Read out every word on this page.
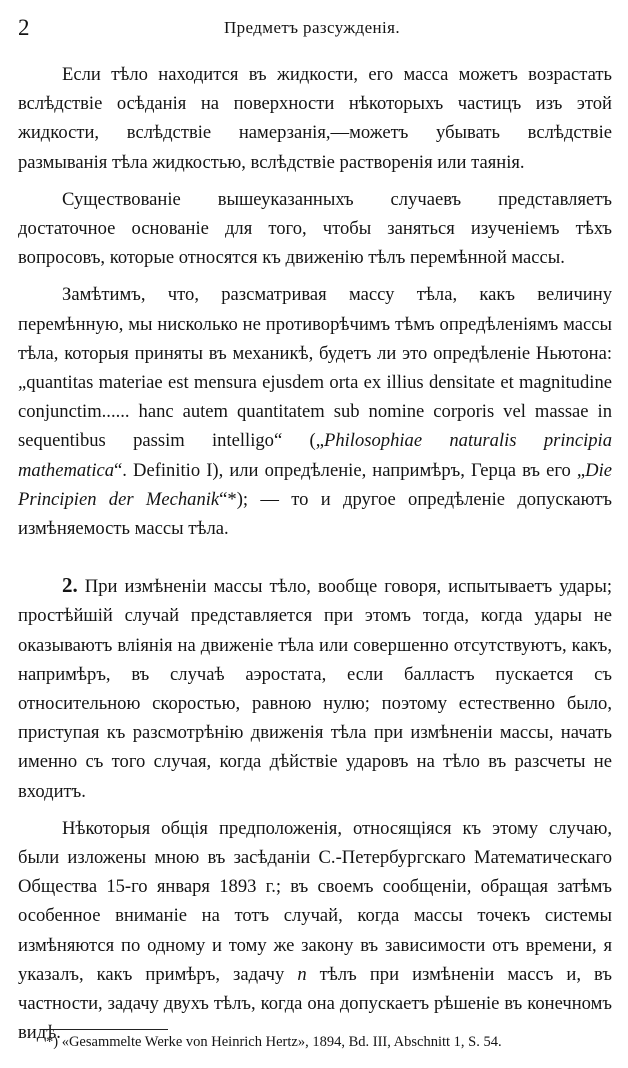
2	Предметъ разсужденія.

Если тѣло находится въ жидкости, его масса можетъ возрастать вслѣдствіе осѣданія на поверхности нѣкоторыхъ частицъ изъ этой жидкости, вслѣдствіе намерзанія,—можетъ убывать вслѣдствіе размыванія тѣла жидкостью, вслѣдствіе растворенія или таянія.

Существованіе вышеуказанныхъ случаевъ представляетъ достаточное основаніе для того, чтобы заняться изученіемъ тѣхъ вопросовъ, которые относятся къ движенію тѣлъ перемѣнной массы.

Замѣтимъ, что, разсматривая массу тѣла, какъ величину перемѣнную, мы нисколько не противорѣчимъ тѣмъ опредѣленіямъ массы тѣла, которыя приняты въ механикѣ, будетъ ли это опредѣленіе Ньютона: „quantitas materiae est mensura ejusdem orta ex illius densitate et magnitudine conjunctim...... hanc autem quantitatem sub nomine corporis vel massae in sequentibus passim intelligo“ („Philosophiae naturalis principia mathematica“. Definitio I), или опредѣленіе, напримѣръ, Герца въ его „Die Principien der Mechanik“*); — то и другое опредѣленіе допускаютъ измѣняемость массы тѣла.

2. При измѣненіи массы тѣло, вообще говоря, испытываетъ удары; простѣйшій случай представляется при этомъ тогда, когда удары не оказываютъ вліянія на движеніе тѣла или совершенно отсутствуютъ, какъ, напримѣръ, въ случаѣ аэростата, если балластъ пускается съ относительною скоростью, равною нулю; поэтому естественно было, приступая къ разсмотрѣнію движенія тѣла при измѣненіи массы, начать именно съ того случая, когда дѣйствіе ударовъ на тѣло въ разсчеты не входитъ.

Нѣкоторыя общія предположенія, относящіяся къ этому случаю, были изложены мною въ засѣданіи С.-Петербургскаго Математическаго Общества 15-го января 1893 г.; въ своемъ сообщеніи, обращая затѣмъ особенное вниманіе на тотъ случай, когда массы точекъ системы измѣняются по одному и тому же закону въ зависимости отъ времени, я указалъ, какъ примѣръ, задачу n тѣлъ при измѣненіи массъ и, въ частности, задачу двухъ тѣлъ, когда она допускаетъ рѣшеніе въ конечномъ видѣ.

*) «Gesammelte Werke von Heinrich Hertz», 1894, Bd. III, Abschnitt 1, S. 54.
